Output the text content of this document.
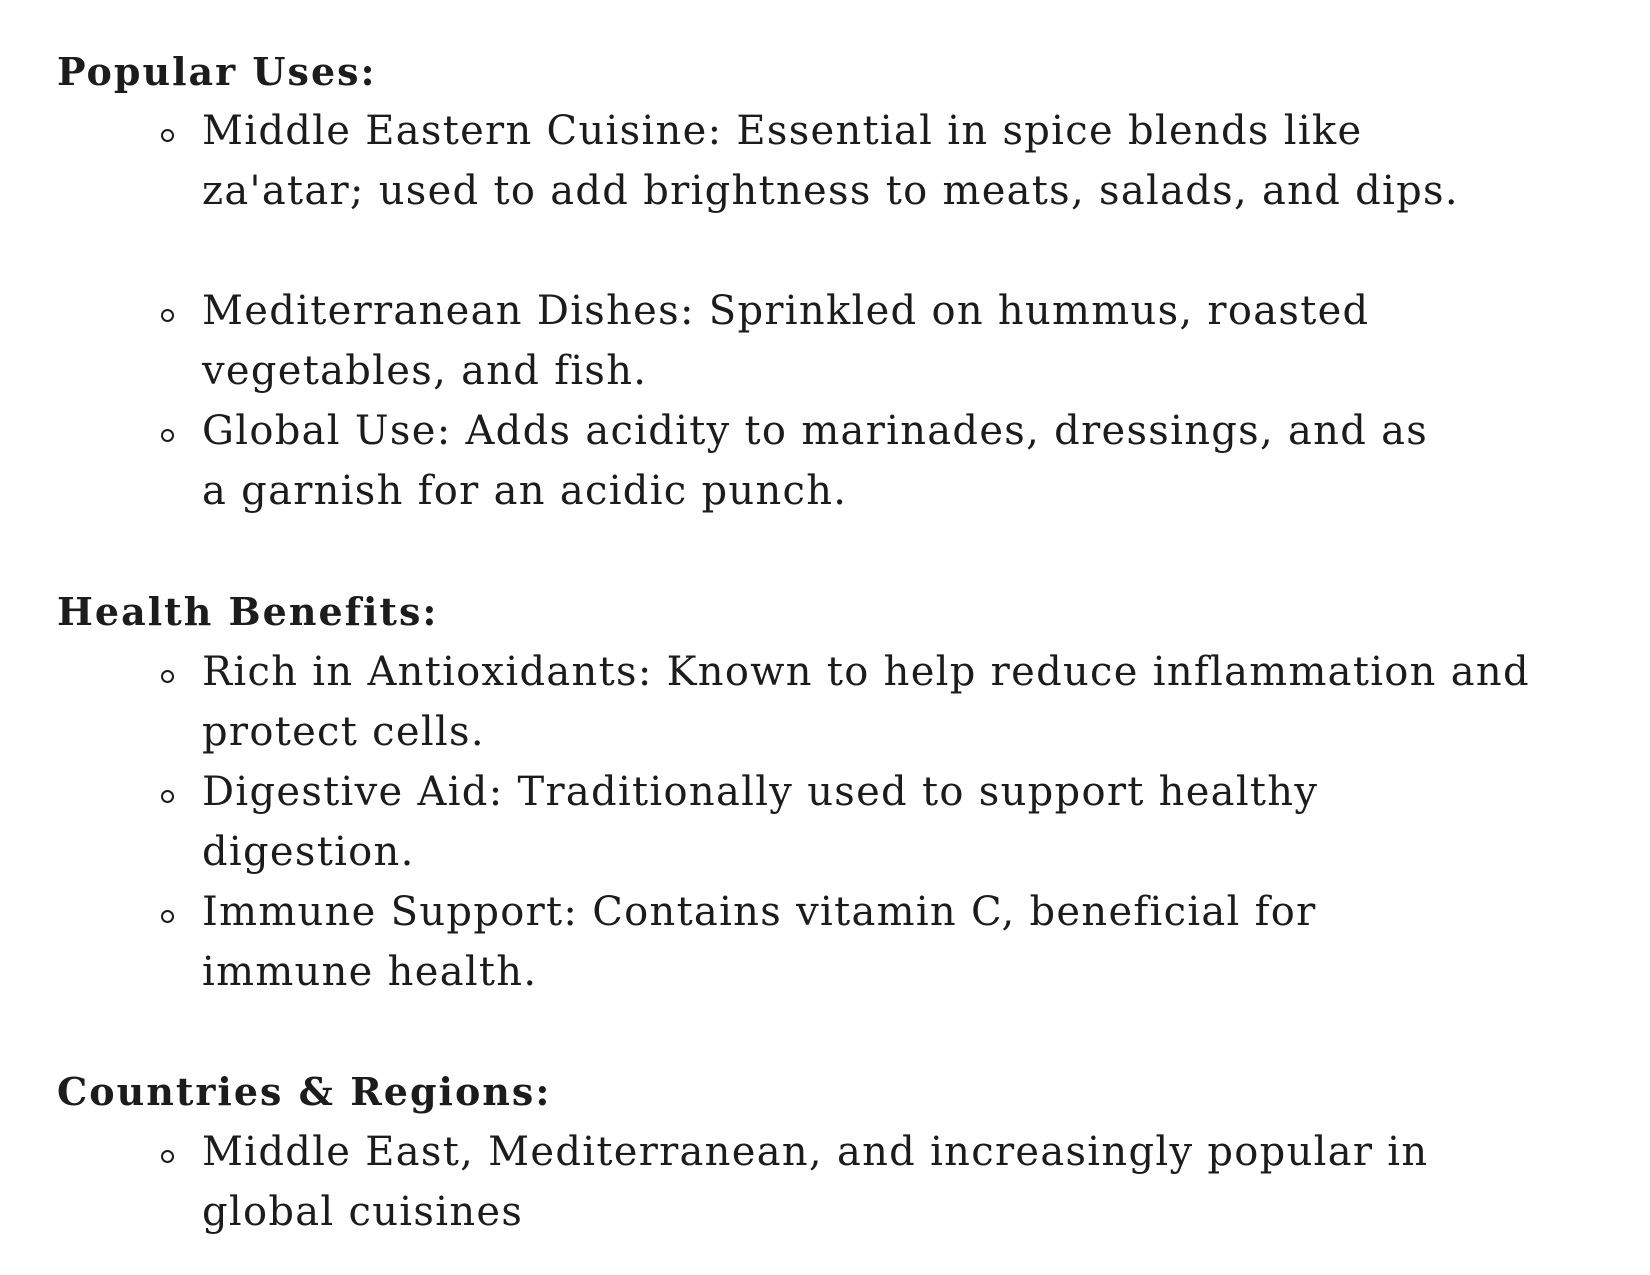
Popular Uses:

Middle Eastern Cuisine: Essential in spice blends like za'atar; used to add brightness to meats, salads, and dips.

Mediterranean Dishes: Sprinkled on hummus, roasted vegetables, and fish.

Global Use: Adds acidity to marinades, dressings, and as a garnish for an acidic punch.

Health Benefits:

Rich in Antioxidants: Known to help reduce inflammation and protect cells.

Digestive Aid: Traditionally used to support healthy digestion.

Immune Support: Contains vitamin C, beneficial for immune health.

Countries & Regions:

Middle East, Mediterranean, and increasingly popular in global cuisines
